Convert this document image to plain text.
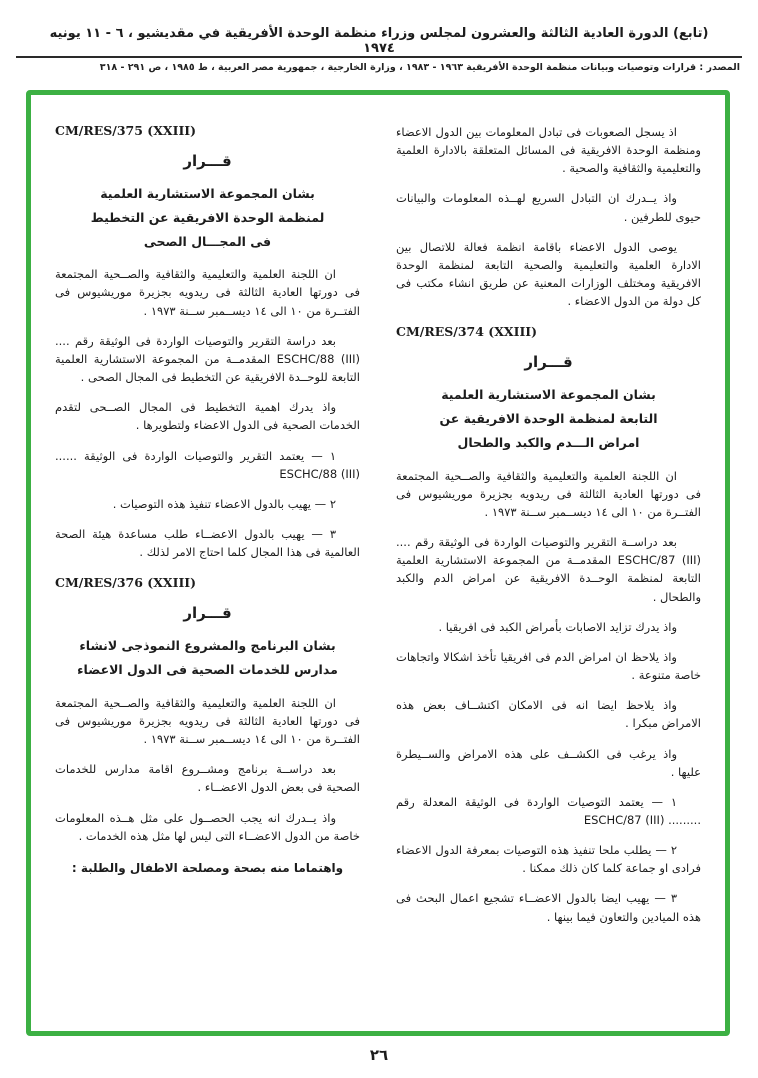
(تابع) الدورة العادية الثالثة والعشرون لمجلس وزراء منظمة الوحدة الأفريقية في مقديشيو ، ٦ - ١١ يونيه ١٩٧٤
المصدر : قرارات وتوصيات وبيانات منظمة الوحدة الأفريقية ١٩٦٣ - ١٩٨٣ ، وزارة الخارجية ، جمهورية مصر العربية ، ط ١٩٨٥ ، ص ٢٩١ - ٣١٨
اذ يسجل الصعوبات فى تبادل المعلومات بين الدول الاعضاء ومنظمة الوحدة الافريقية فى المسائل المتعلقة بالادارة العلمية والتعليمية والثقافية والصحية .
واذ يــدرك ان التبادل السريع لهــذه المعلومات والبيانات حيوى للطرفين .
يوصى الدول الاعضاء باقامة انظمة فعالة للاتصال بين الادارة العلمية والتعليمية والصحية التابعة لمنظمة الوحدة الافريقية ومختلف الوزارات المعنية عن طريق انشاء مكتب فى كل دولة من الدول الاعضاء .
CM/RES/374 (XXIII)
قـــرار
بشان المجموعة الاستشارية العلمية
التابعة لمنظمة الوحدة الافريقية عن
امراض الـــدم والكبد والطحال
ان اللجنة العلمية والتعليمية والثقافية والصــحية المجتمعة فى دورتها العادية الثالثة فى ريدويه بجزيرة موريشيوس فى الفتــرة من ١٠ الى ١٤ ديســمبر ســنة ١٩٧٣ .
بعد دراســة التقرير والتوصيات الواردة فى الوثيقة رقم .... ESCHC/87 (III) المقدمــة من المجموعة الاستشارية العلمية التابعة لمنظمة الوحــدة الافريقية عن امراض الدم والكبد والطحال .
واذ يدرك تزايد الاصابات بأمراض الكبد فى افريقيا .
واذ يلاحظ ان امراض الدم فى افريقيا تأخذ اشكالا واتجاهات خاصة متنوعة .
واذ يلاحظ ايضا انه فى الامكان اكتشــاف بعض هذه الامراض مبكرا .
واذ يرغب فى الكشــف على هذه الامراض والســيطرة عليها .
١ — يعتمد التوصيات الواردة فى الوثيقة المعدلة رقم ......... ESCHC/87 (III)
٢ — يطلب ملحا تنفيذ هذه التوصيات بمعرفة الدول الاعضاء فرادى او جماعة كلما كان ذلك ممكنا .
٣ — يهيب ايضا بالدول الاعضــاء تشجيع اعمال البحث فى هذه الميادين والتعاون فيما بينها .
CM/RES/375 (XXIII)
قـــرار
بشان المجموعة الاستشارية العلمية
لمنظمة الوحدة الافريقية عن التخطيط
فى المجـــال الصحى
ان اللجنة العلمية والتعليمية والثقافية والصــحية المجتمعة فى دورتها العادية الثالثة فى ريدويه بجزيرة موريشيوس فى الفتــرة من ١٠ الى ١٤ ديســمبر ســنة ١٩٧٣ .
بعد دراسة التقرير والتوصيات الواردة فى الوثيقة رقم .... ESCHC/88 (III) المقدمــة من المجموعة الاستشارية العلمية التابعة للوحــدة الافريقية عن التخطيط فى المجال الصحى .
واذ يدرك اهمية التخطيط فى المجال الصــحى لتقدم الخدمات الصحية فى الدول الاعضاء ولتطويرها .
١ — يعتمد التقرير والتوصيات الواردة فى الوثيقة ...... ESCHC/88 (III)
٢ — يهيب بالدول الاعضاء تنفيذ هذه التوصيات .
٣ — يهيب بالدول الاعضــاء طلب مساعدة هيئة الصحة العالمية فى هذا المجال كلما احتاج الامر لذلك .
CM/RES/376 (XXIII)
قـــرار
بشان البرنامج والمشروع النموذجى لانشاء
مدارس للخدمات الصحية فى الدول الاعضاء
ان اللجنة العلمية والتعليمية والثقافية والصــحية المجتمعة فى دورتها العادية الثالثة فى ريدويه بجزيرة موريشيوس فى الفتــرة من ١٠ الى ١٤ ديســمبر ســنة ١٩٧٣ .
بعد دراســة برنامج ومشــروع اقامة مدارس للخدمات الصحية فى بعض الدول الاعضــاء .
واذ يــدرك انه يجب الحصــول على مثل هــذه المعلومات خاصة من الدول الاعضــاء التى ليس لها مثل هذه الخدمات .
واهتماما منه بصحة ومصلحة الاطفال والطلبة :
٢٦
